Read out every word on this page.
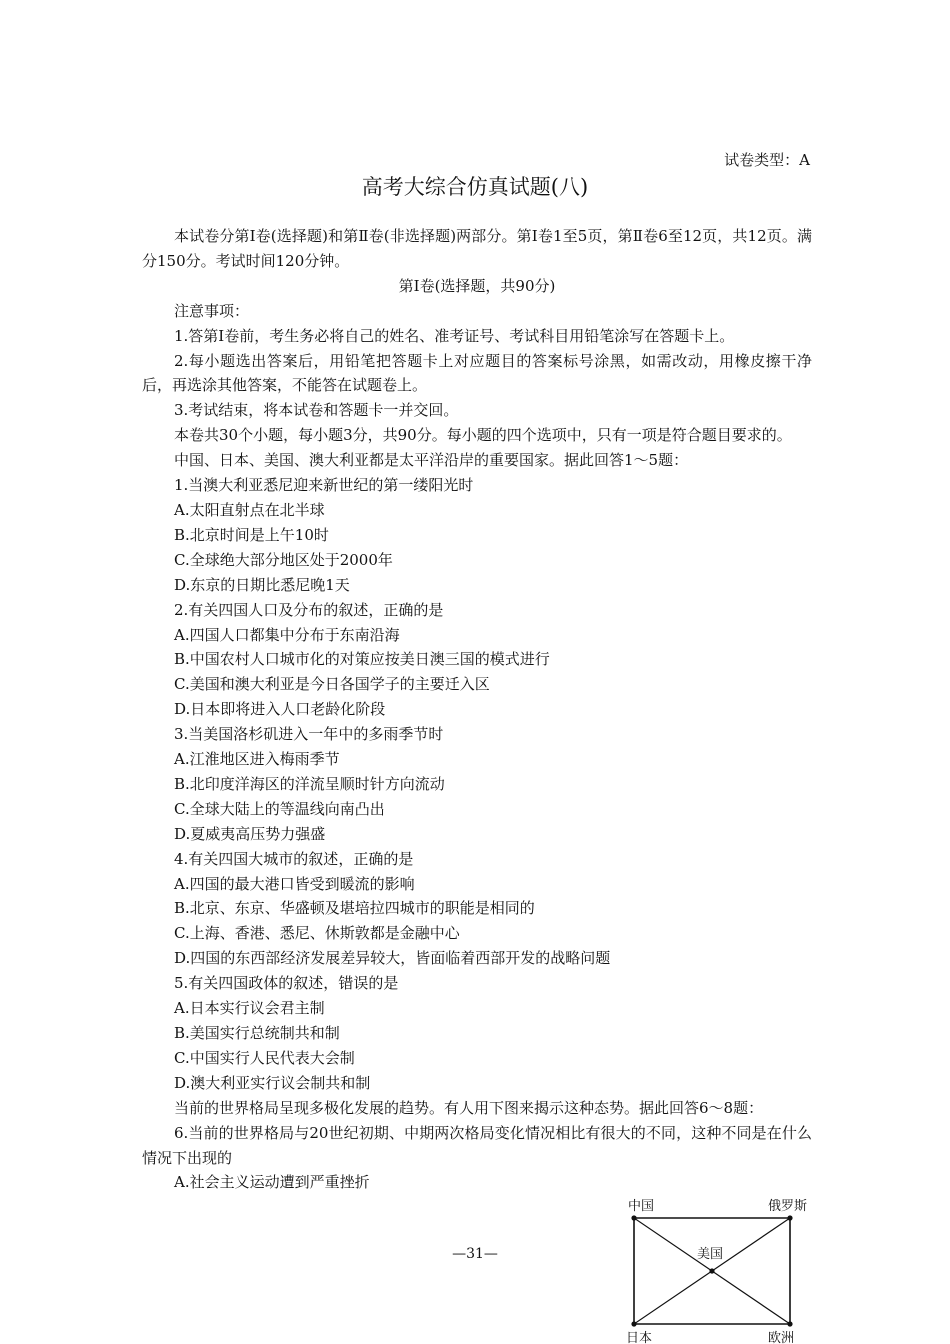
试卷类型：A
高考大综合仿真试题(八)

本试卷分第Ⅰ卷(选择题)和第Ⅱ卷(非选择题)两部分。第Ⅰ卷1至5页，第Ⅱ卷6至12页，共12页。满分150分。考试时间120分钟。

第Ⅰ卷(选择题，共90分)

注意事项：

1.答第Ⅰ卷前，考生务必将自己的姓名、准考证号、考试科目用铅笔涂写在答题卡上。

2.每小题选出答案后，用铅笔把答题卡上对应题目的答案标号涂黑，如需改动，用橡皮擦干净后，再选涂其他答案，不能答在试题卷上。

3.考试结束，将本试卷和答题卡一并交回。

本卷共30个小题，每小题3分，共90分。每小题的四个选项中，只有一项是符合题目要求的。

中国、日本、美国、澳大利亚都是太平洋沿岸的重要国家。据此回答1～5题：

1.当澳大利亚悉尼迎来新世纪的第一缕阳光时

A.太阳直射点在北半球

B.北京时间是上午10时

C.全球绝大部分地区处于2000年

D.东京的日期比悉尼晚1天

2.有关四国人口及分布的叙述，正确的是

A.四国人口都集中分布于东南沿海

B.中国农村人口城市化的对策应按美日澳三国的模式进行

C.美国和澳大利亚是今日各国学子的主要迁入区

D.日本即将进入人口老龄化阶段

3.当美国洛杉矶进入一年中的多雨季节时

A.江淮地区进入梅雨季节

B.北印度洋海区的洋流呈顺时针方向流动

C.全球大陆上的等温线向南凸出

D.夏威夷高压势力强盛

4.有关四国大城市的叙述，正确的是

A.四国的最大港口皆受到暖流的影响

B.北京、东京、华盛顿及堪培拉四城市的职能是相同的

C.上海、香港、悉尼、休斯敦都是金融中心

D.四国的东西部经济发展差异较大，皆面临着西部开发的战略问题

5.有关四国政体的叙述，错误的是

A.日本实行议会君主制

B.美国实行总统制共和制

C.中国实行人民代表大会制

D.澳大利亚实行议会制共和制

当前的世界格局呈现多极化发展的趋势。有人用下图来揭示这种态势。据此回答6～8题：

6.当前的世界格局与20世纪初期、中期两次格局变化情况相比有很大的不同，这种不同是在什么情况下出现的

A.社会主义运动遭到严重挫折

—31—
中国	俄罗斯
美国
日本	欧洲
